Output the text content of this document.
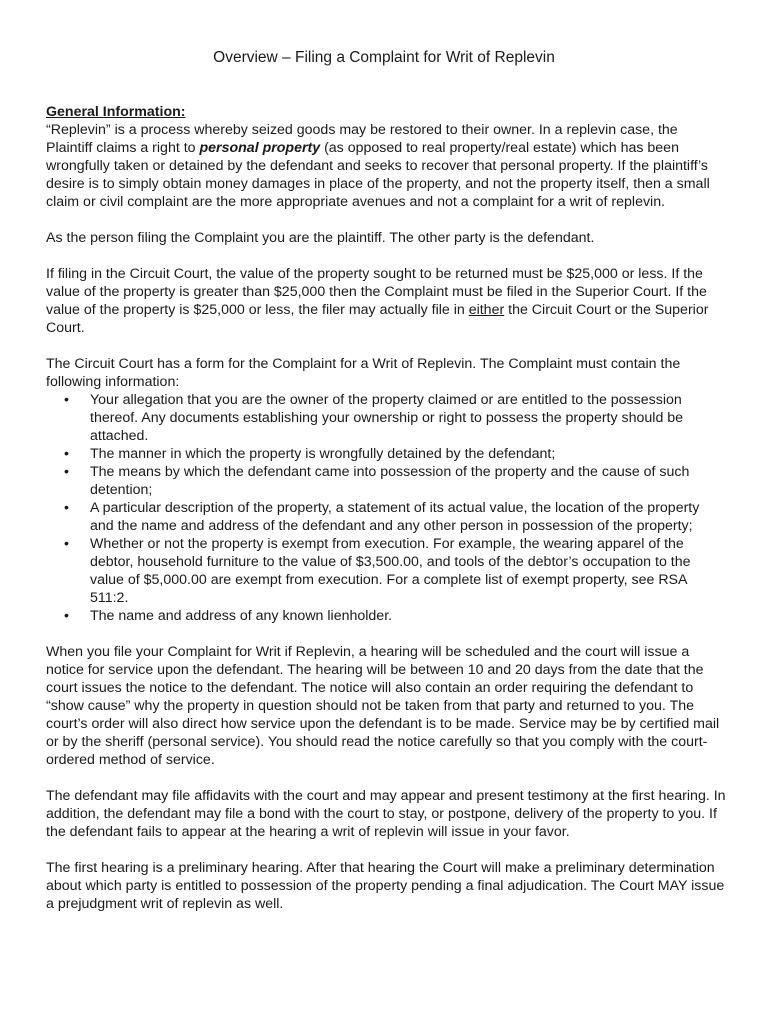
Overview – Filing a Complaint for Writ of Replevin

General Information:
“Replevin” is a process whereby seized goods may be restored to their owner. In a replevin case, the Plaintiff claims a right to personal property (as opposed to real property/real estate) which has been wrongfully taken or detained by the defendant and seeks to recover that personal property. If the plaintiff’s desire is to simply obtain money damages in place of the property, and not the property itself, then a small claim or civil complaint are the more appropriate avenues and not a complaint for a writ of replevin.

As the person filing the Complaint you are the plaintiff. The other party is the defendant.

If filing in the Circuit Court, the value of the property sought to be returned must be $25,000 or less. If the value of the property is greater than $25,000 then the Complaint must be filed in the Superior Court. If the value of the property is $25,000 or less, the filer may actually file in either the Circuit Court or the Superior Court.

The Circuit Court has a form for the Complaint for a Writ of Replevin. The Complaint must contain the following information:
• Your allegation that you are the owner of the property claimed or are entitled to the possession thereof. Any documents establishing your ownership or right to possess the property should be attached.
• The manner in which the property is wrongfully detained by the defendant;
• The means by which the defendant came into possession of the property and the cause of such detention;
• A particular description of the property, a statement of its actual value, the location of the property and the name and address of the defendant and any other person in possession of the property;
• Whether or not the property is exempt from execution. For example, the wearing apparel of the debtor, household furniture to the value of $3,500.00, and tools of the debtor’s occupation to the value of $5,000.00 are exempt from execution. For a complete list of exempt property, see RSA 511:2.
• The name and address of any known lienholder.

When you file your Complaint for Writ if Replevin, a hearing will be scheduled and the court will issue a notice for service upon the defendant. The hearing will be between 10 and 20 days from the date that the court issues the notice to the defendant. The notice will also contain an order requiring the defendant to “show cause” why the property in question should not be taken from that party and returned to you. The court’s order will also direct how service upon the defendant is to be made. Service may be by certified mail or by the sheriff (personal service). You should read the notice carefully so that you comply with the court-ordered method of service.

The defendant may file affidavits with the court and may appear and present testimony at the first hearing. In addition, the defendant may file a bond with the court to stay, or postpone, delivery of the property to you. If the defendant fails to appear at the hearing a writ of replevin will issue in your favor.

The first hearing is a preliminary hearing. After that hearing the Court will make a preliminary determination about which party is entitled to possession of the property pending a final adjudication. The Court MAY issue a prejudgment writ of replevin as well.
